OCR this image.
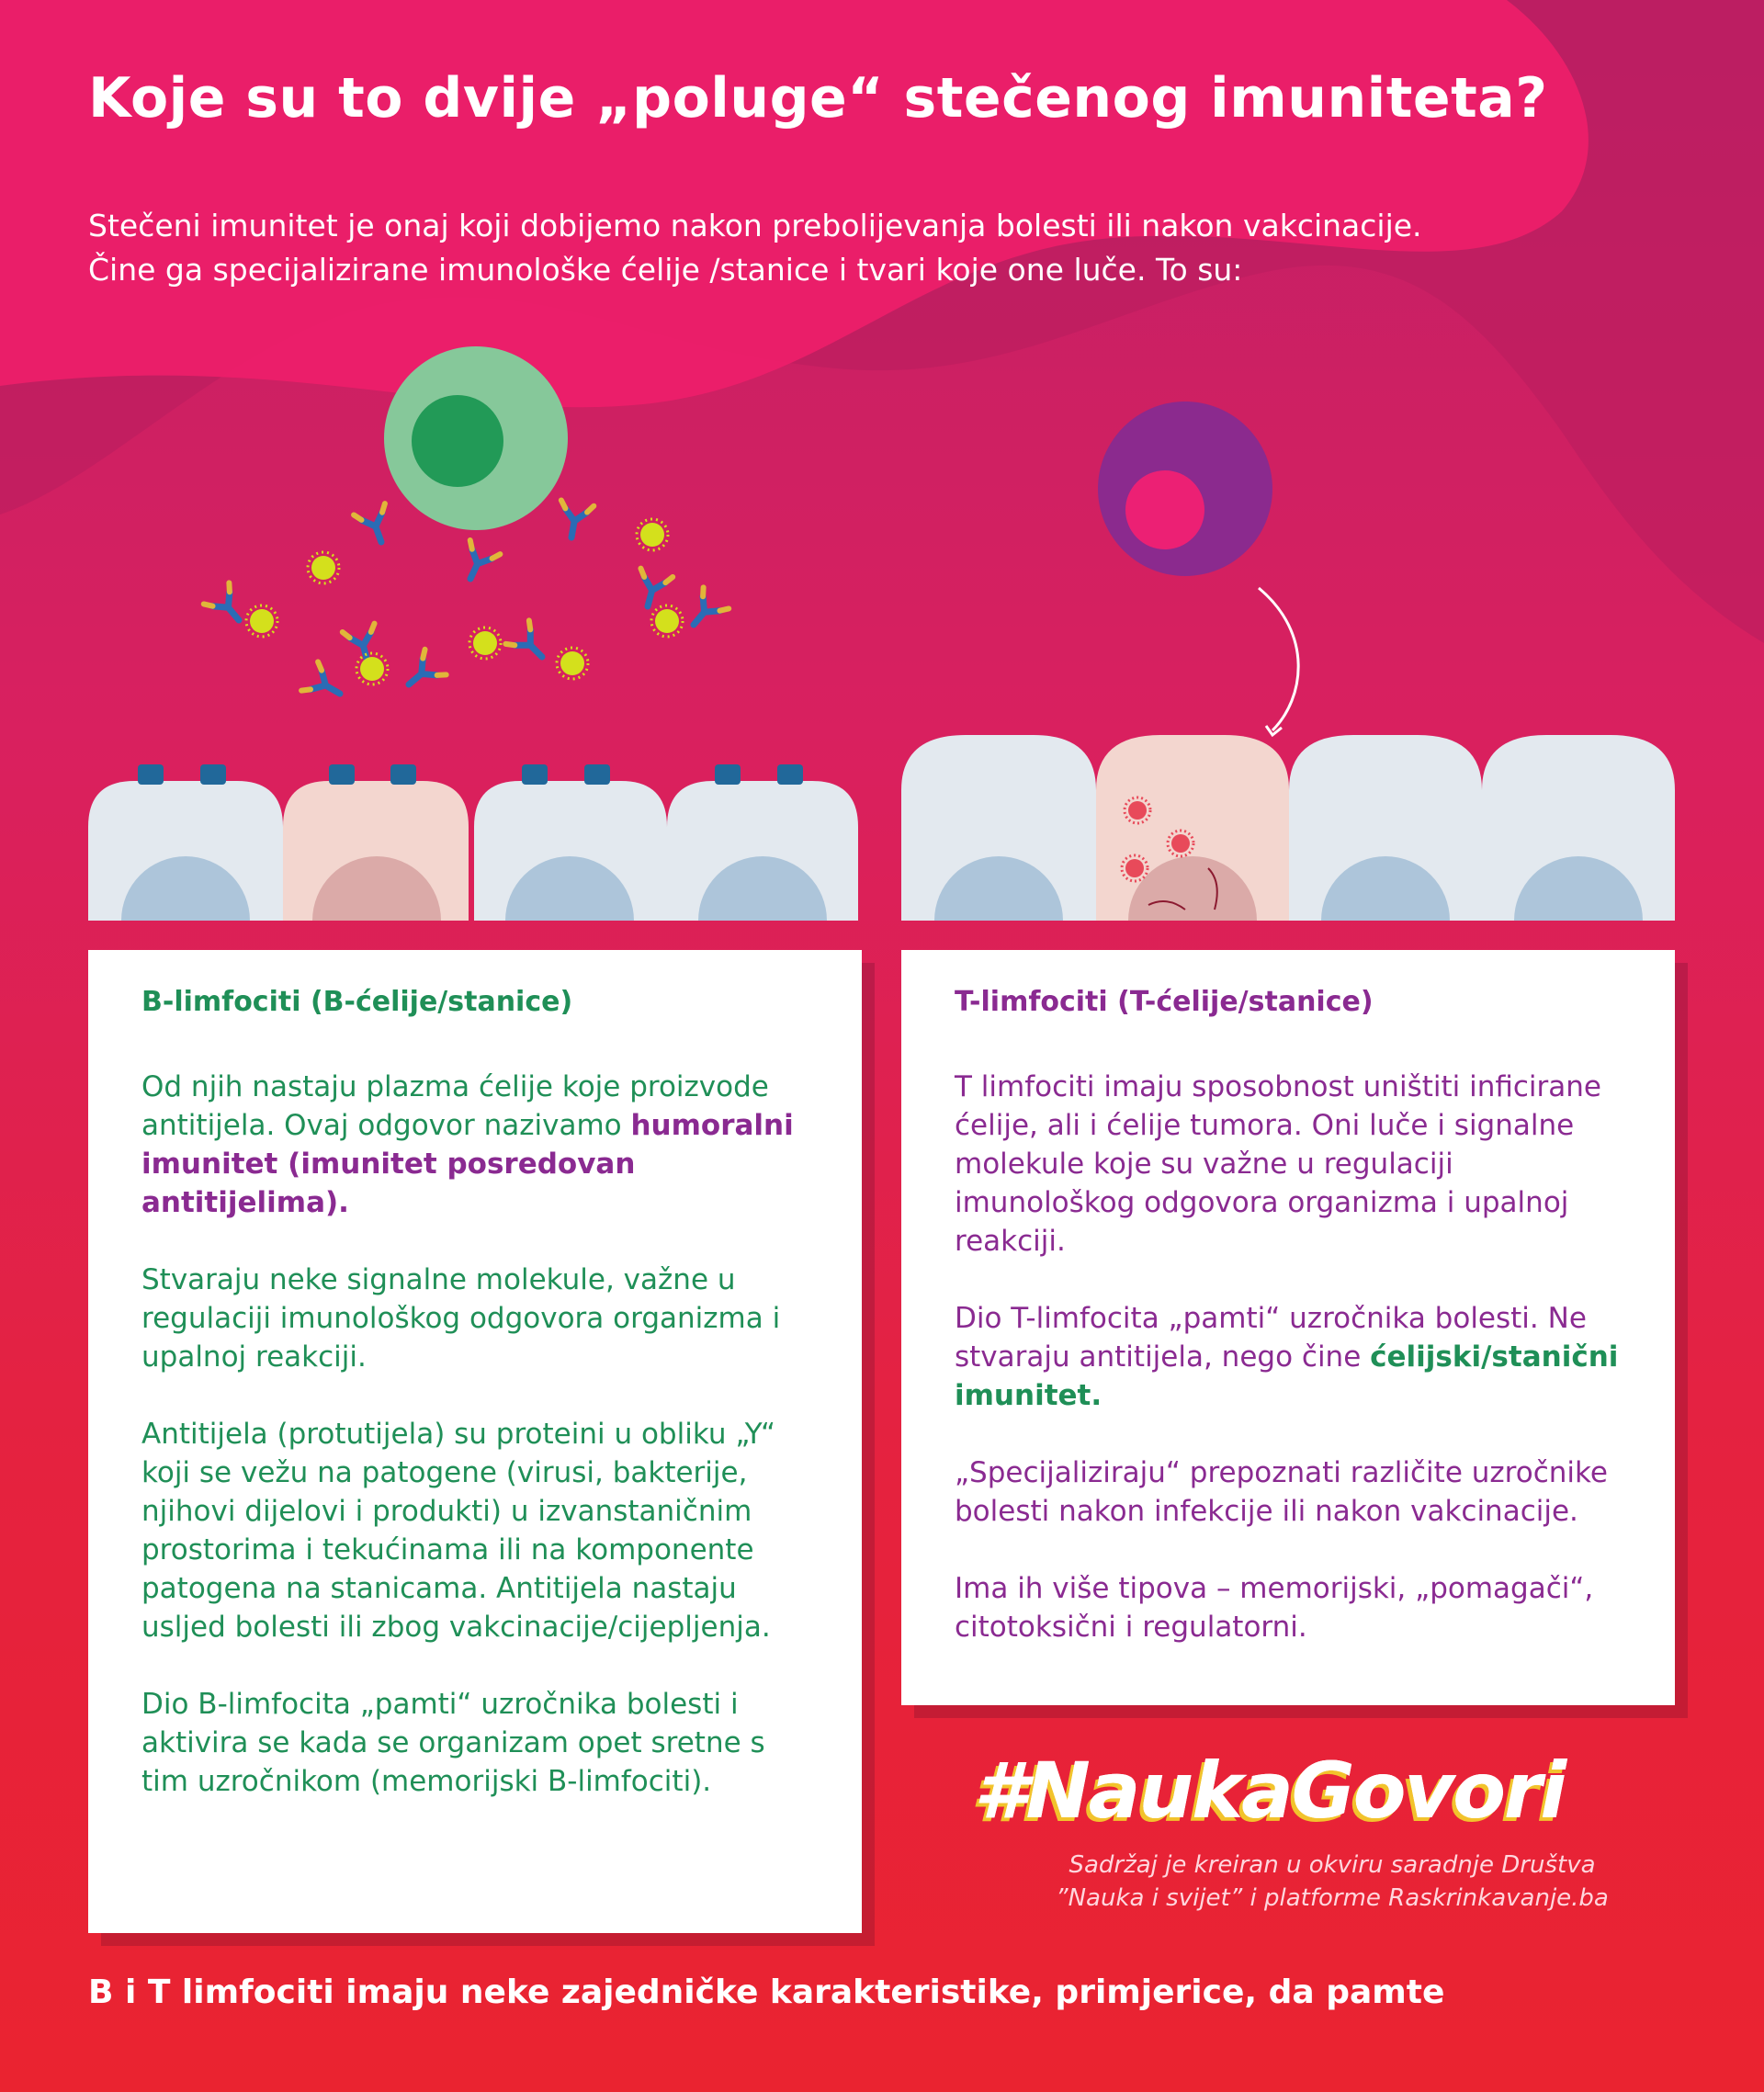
Koje su to dvije „poluge“ stečenog imuniteta?

Stečeni imunitet je onaj koji dobijemo nakon prebolijevanja bolesti ili nakon vakcinacije.

Čine ga specijalizirane imunološke ćelije /stanice i tvari koje one luče. To su:

B-limfociti (B-ćelije/stanice)

Od njih nastaju plazma ćelije koje proizvode antitijela. Ovaj odgovor nazivamo humoralni imunitet (imunitet posredovan antitijelima).

Stvaraju neke signalne molekule, važne u regulaciji imunološkog odgovora organizma i upalnoj reakciji.

Antitijela (protutijela) su proteini u obliku „Y“ koji se vežu na patogene (virusi, bakterije, njihovi dijelovi i produkti) u izvanstaničnim prostorima i tekućinama ili na komponente patogena na stanicama. Antitijela nastaju usljed bolesti ili zbog vakcinacije/cijepljenja.

Dio B-limfocita „pamti“ uzročnika bolesti i aktivira se kada se organizam opet sretne s tim uzročnikom (memorijski B-limfociti).

T-limfociti (T-ćelije/stanice)

T limfociti imaju sposobnost uništiti inficirane ćelije, ali i ćelije tumora. Oni luče i signalne molekule koje su važne u regulaciji imunološkog odgovora organizma i upalnoj reakciji.

Dio T-limfocita „pamti“ uzročnika bolesti. Ne stvaraju antitijela, nego čine ćelijski/stanični imunitet.

„Specijaliziraju“ prepoznati različite uzročnike bolesti nakon infekcije ili nakon vakcinacije.

Ima ih više tipova – memorijski, „pomagači“, citotoksični i regulatorni.

#NaukaGovori
Sadržaj je kreiran u okviru saradnje Društva
”Nauka i svijet” i platforme Raskrinkavanje.ba
B i T limfociti imaju neke zajedničke karakteristike, primjerice, da pamte
